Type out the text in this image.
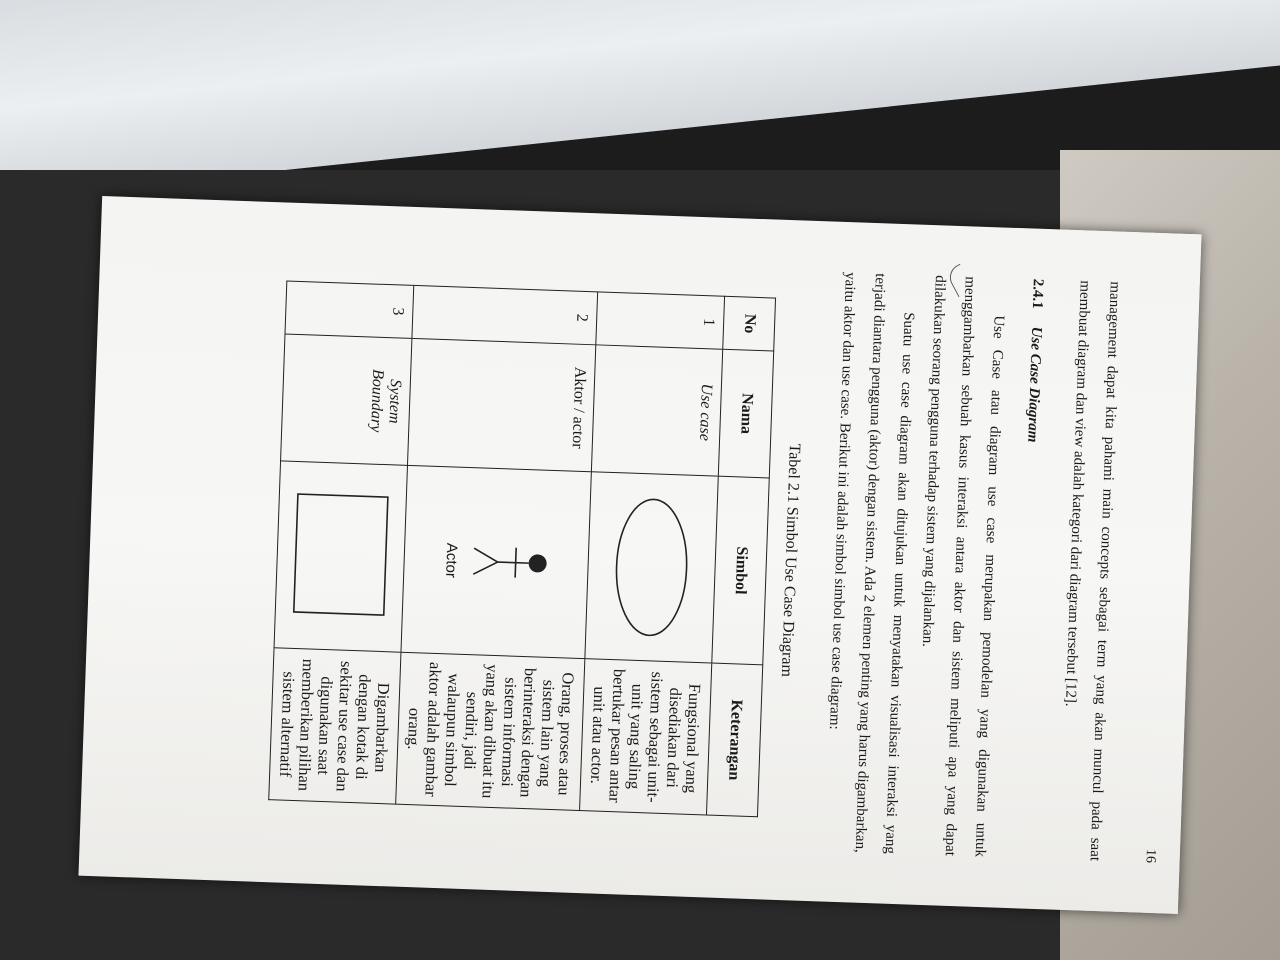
16

management dapat kita pahami main concepts sebagai term yang akan muncul pada saat membuat diagram dan view adalah kategori dari diagram tersebut [12].

2.4.1Use Case Diagram

Use Case atau diagram use case merupakan pemodelan yang digunakan untuk menggambarkan sebuah kasus interaksi antara aktor dan sistem meliputi apa yang dapat dilakukan seorang pengguna terhadap sistem yang dijalankan.

Suatu use case diagram akan ditujukan untuk menyatakan visualisasi interaksi yang terjadi diantara pengguna (aktor) dengan sistem. Ada 2 elemen penting yang harus digambarkan, yaitu aktor dan use case. Berikut ini adalah simbol simbol use case diagram:

Tabel 2.1 Simbol Use Case Diagram
No	Nama	Simbol	Keterangan
1	Use case		Fungsional yang disediakan dari sistem sebagai unit-unit yang saling bertukar pesan antar unit atau actor.
2	Aktor / actor	Actor	Orang, proses atau sistem lain yang berinteraksi dengan sistem informasi yang akan dibuat itu sendiri, jadi walaupun simbol aktor adalah gambar orang.
3	System Boundary		Digambarkan dengan kotak di sekitar use case dan digunakan saat memberikan pilihan sistem alternatif
